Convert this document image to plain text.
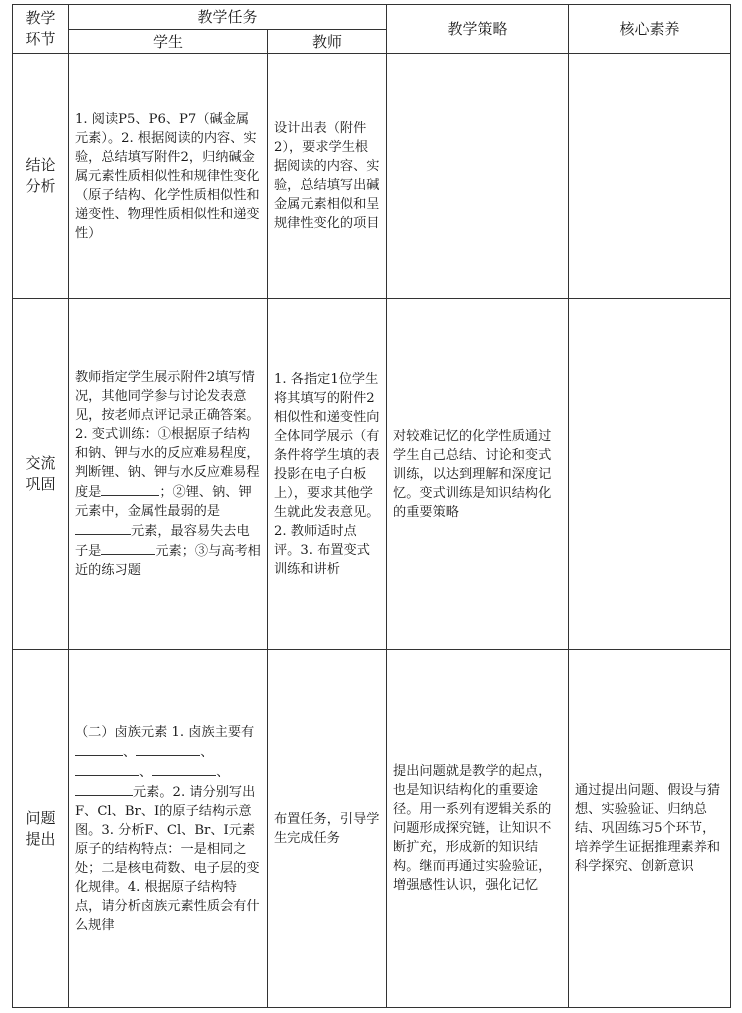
教学
环节	教学任务		教学策略	核心素养
	学生	教师		

结论
分析	1. 阅读P5、P6、P7（碱金属元素）。2. 根据阅读的内容、实验，总结填写附件2，归纳碱金属元素性质相似性和规律性变化（原子结构、化学性质相似性和递变性、物理性质相似性和递变性）	设计出表（附件2），要求学生根据阅读的内容、实验，总结填写出碱金属元素相似和呈规律性变化的项目		

交流
巩固	教师指定学生展示附件2填写情况，其他同学参与讨论发表意见，按老师点评记录正确答案。2. 变式训练：①根据原子结构和钠、钾与水的反应难易程度，判断锂、钠、钾与水反应难易程度是 ；②锂、钠、钾元素中，金属性最弱的是元素，最容易失去电子是 元素；③与高考相近的练习题	1. 各指定1位学生将其填写的附件2相似性和递变性向全体同学展示（有条件将学生填的表投影在电子白板上），要求其他学生就此发表意见。2. 教师适时点评。3. 布置变式训练和讲析	对较难记忆的化学性质通过学生自己总结、讨论和变式训练，以达到理解和深度记忆。变式训练是知识结构化的重要策略	

问题
提出	（二）卤族元素 1. 卤族主要有、 、、 、元素。2. 请分别写出F、Cl、Br、I的原子结构示意图。3. 分析F、Cl、Br、I元素原子的结构特点：一是相同之处；二是核电荷数、电子层的变化规律。4. 根据原子结构特点，请分析卤族元素性质会有什么规律	布置任务，引导学生完成任务	提出问题就是教学的起点，也是知识结构化的重要途径。用一系列有逻辑关系的问题形成探究链，让知识不断扩充，形成新的知识结构。继而再通过实验验证，增强感性认识，强化记忆	通过提出问题、假设与猜想、实验验证、归纳总结、巩固练习5个环节，培养学生证据推理素养和科学探究、创新意识
